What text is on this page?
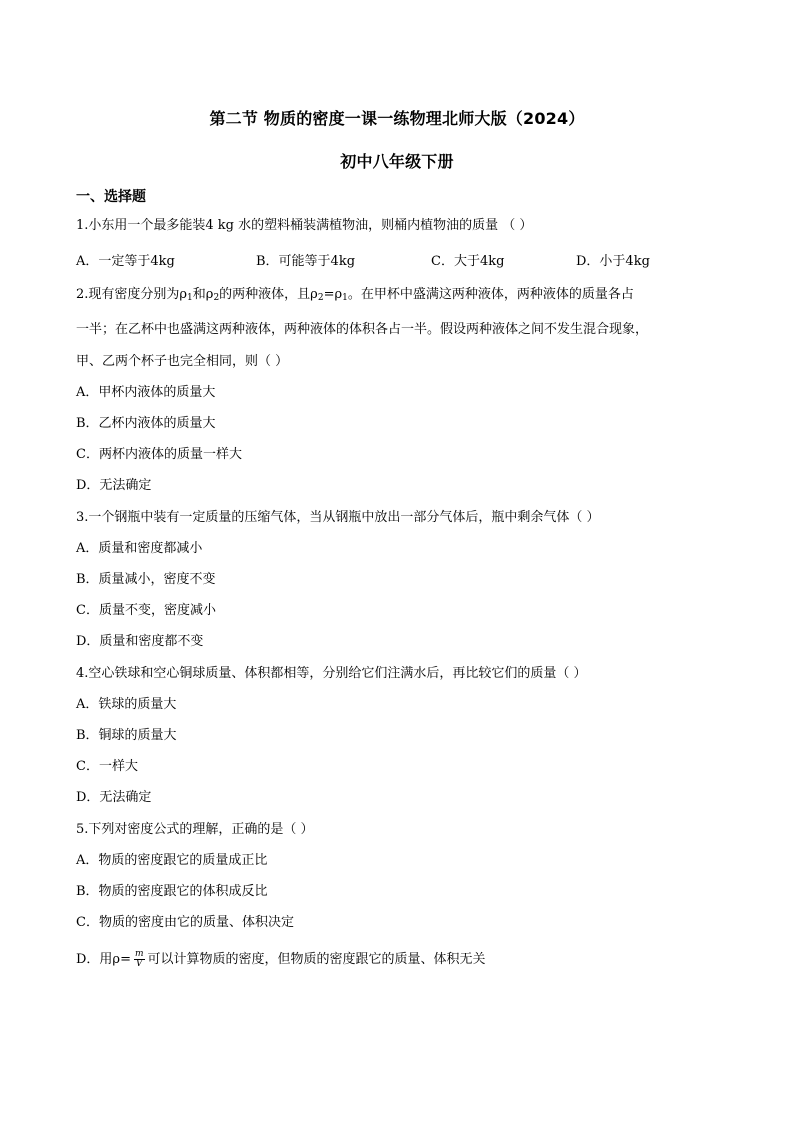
第二节 物质的密度一课一练物理北师大版（2024）
初中八年级下册
一、选择题
1.小东用一个最多能装4 kg 水的塑料桶装满植物油，则桶内植物油的质量 （ ）
A．一定等于4kg	B．可能等于4kg	C．大于4kg	D．小于4kg
2.现有密度分别为$\rho_1$和$\rho_2$的两种液体，且$\rho_2=\rho_1$。在甲杯中盛满这两种液体，两种液体的质量各占
一半；在乙杯中也盛满这两种液体，两种液体的体积各占一半。假设两种液体之间不发生混合现象，
甲、乙两个杯子也完全相同，则（ ）
A．甲杯内液体的质量大
B．乙杯内液体的质量大
C．两杯内液体的质量一样大
D．无法确定
3.一个钢瓶中装有一定质量的压缩气体，当从钢瓶中放出一部分气体后，瓶中剩余气体（ ）
A．质量和密度都减小
B．质量减小，密度不变
C．质量不变，密度减小
D．质量和密度都不变
4.空心铁球和空心铜球质量、体积都相等，分别给它们注满水后，再比较它们的质量（ ）
A．铁球的质量大
B．铜球的质量大
C．一样大
D．无法确定
5.下列对密度公式的理解，正确的是（ ）
A．物质的密度跟它的质量成正比
B．物质的密度跟它的体积成反比
C．物质的密度由它的质量、体积决定
D．用$\rho= \frac{m}{V}$ 可以计算物质的密度，但物质的密度跟它的质量、体积无关
